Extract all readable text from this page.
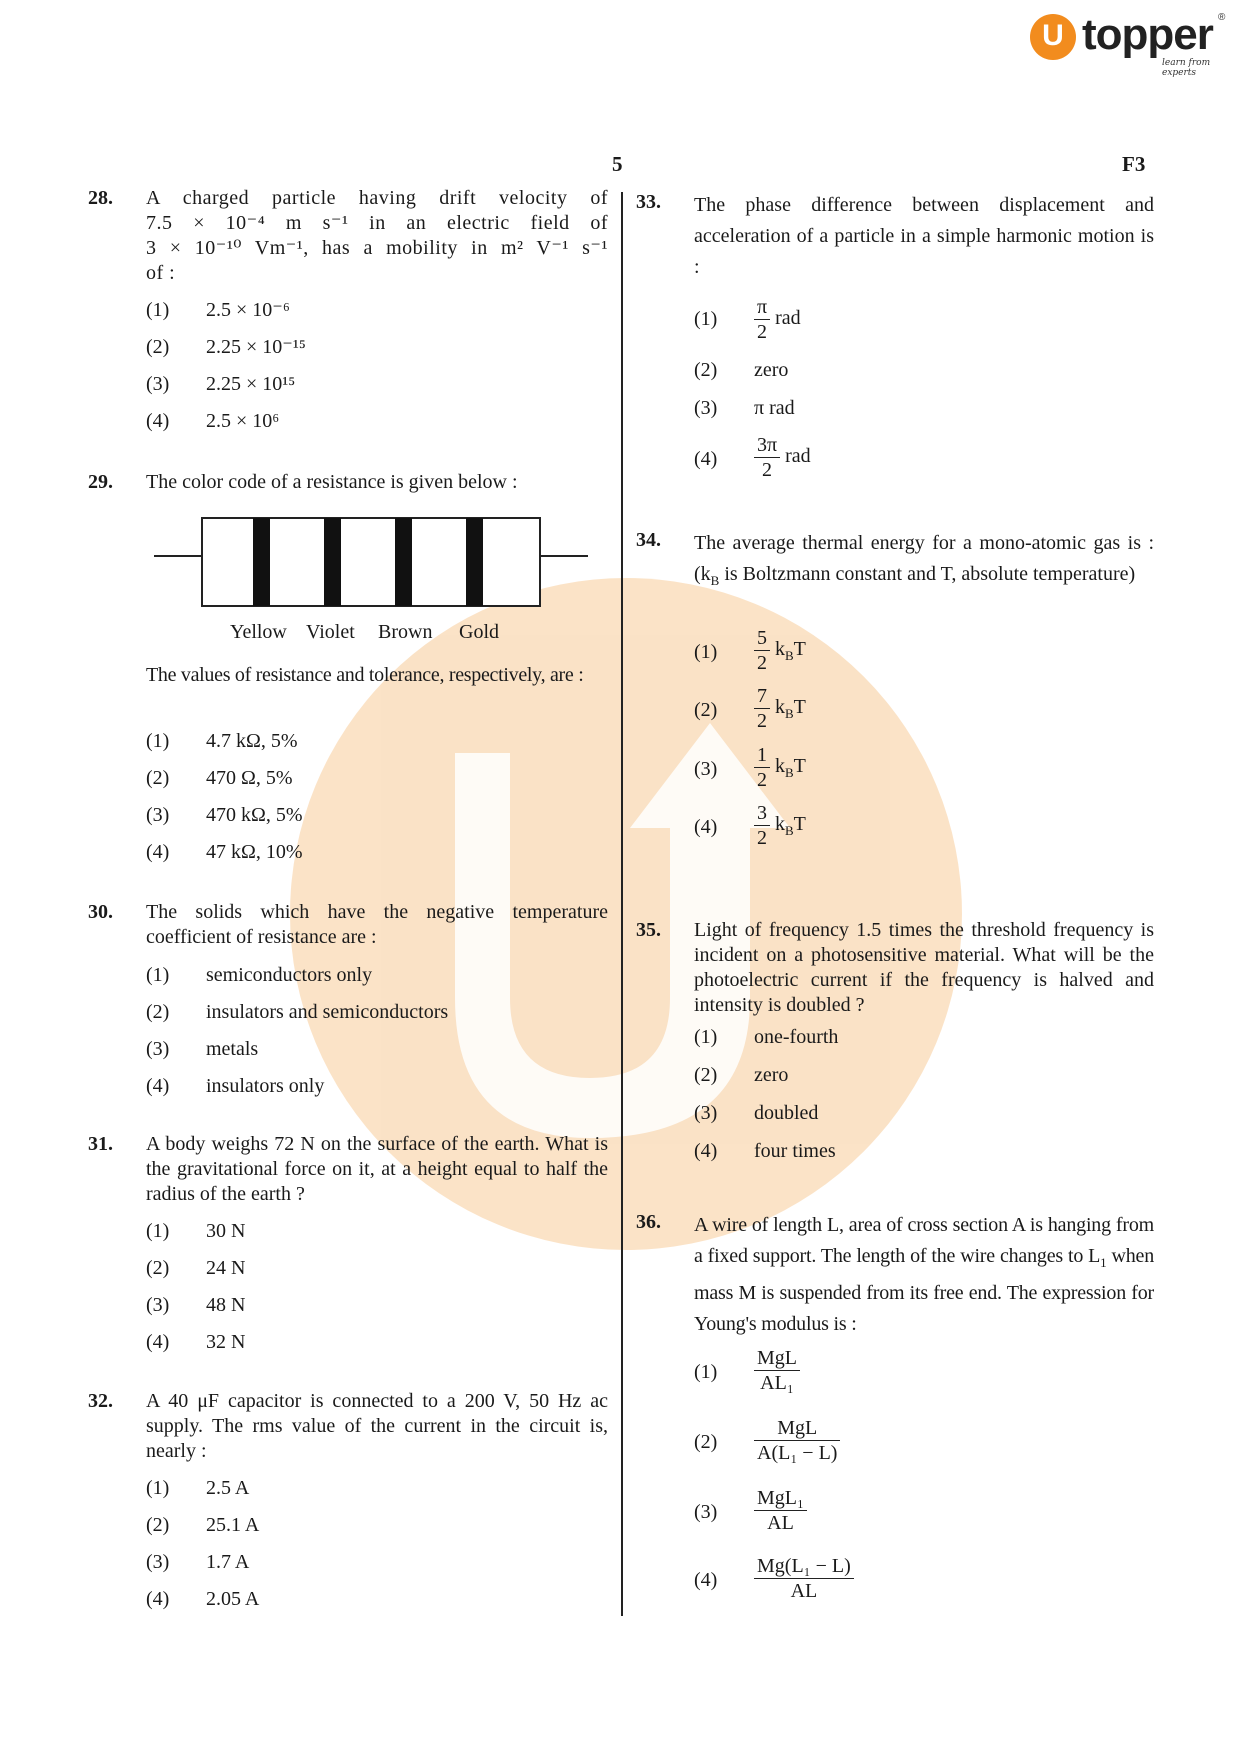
U topper
learn from experts
®
5	F3
28. A charged particle having drift velocity of
7.5 × 10⁻⁴ m s⁻¹ in an electric field of
3 × 10⁻¹⁰ Vm⁻¹, has a mobility in m² V⁻¹ s⁻¹
of :
(1) 2.5 × 10⁻⁶
(2) 2.25 × 10⁻¹⁵
(3) 2.25 × 10¹⁵
(4) 2.5 × 10⁶
29. The color code of a resistance is given below :
Yellow Violet Brown Gold
The values of resistance and tolerance, respectively, are :
(1) 4.7 kΩ, 5%
(2) 470 Ω, 5%
(3) 470 kΩ, 5%
(4) 47 kΩ, 10%
30. The solids which have the negative temperature coefficient of resistance are :
(1) semiconductors only
(2) insulators and semiconductors
(3) metals
(4) insulators only
31. A body weighs 72 N on the surface of the earth. What is the gravitational force on it, at a height equal to half the radius of the earth ?
(1) 30 N
(2) 24 N
(3) 48 N
(4) 32 N
32. A 40 μF capacitor is connected to a 200 V, 50 Hz ac supply. The rms value of the current in the circuit is, nearly :
(1) 2.5 A
(2) 25.1 A
(3) 1.7 A
(4) 2.05 A
33. The phase difference between displacement and acceleration of a particle in a simple harmonic motion is :
$(1) \frac{\pi}{2}$ rad
(2) zero
(3) π rad
$(4) \frac{3\pi}{2}$ rad
34. The average thermal energy for a mono-atomic gas is : ($k_B$ is Boltzmann constant and T, absolute temperature)
$(1) \frac{5}{2} k_BT$
$(2) \frac{7}{2} k_BT$
$(3) \frac{1}{2} k_BT$
$(4) \frac{3}{2} k_BT$
35. Light of frequency 1.5 times the threshold frequency is incident on a photosensitive material. What will be the photoelectric current if the frequency is halved and intensity is doubled ?
(1) one-fourth
(2) zero
(3) doubled
(4) four times
36. A wire of length L, area of cross section A is hanging from a fixed support. The length of the wire changes to $L_1$ when mass M is suspended from its free end. The expression for Young's modulus is :
$(1) \frac{\text{MgL}}{\text{AL₁}}$
$(2) \frac{\text{MgL}}{\text{A(L₁ − L)}}$
$(3) \frac{\text{MgL₁}}{AL}$
$(4) \frac{\text{Mg(L₁ − L)}}{AL}$
